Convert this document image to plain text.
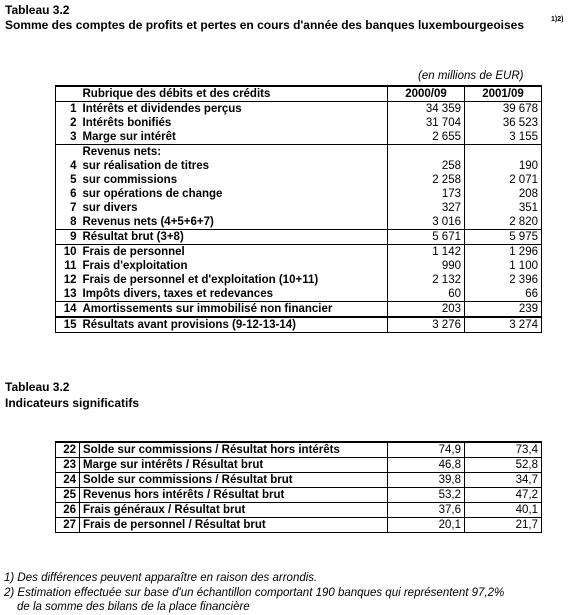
Tableau 3.2
Somme des comptes de profits et pertes en cours d'année des banques luxembourgeoises	1)2)
(en millions de EUR)
	Rubrique des débits et des crédits	2000/09	2001/09
1	Intérêts et dividendes perçus	34 359	39 678
2	Intérêts bonifiés	31 704	36 523
3	Marge sur intérêt	2 655	3 155
	Revenus nets:		
4	sur réalisation de titres	258	190
5	sur commissions	2 258	2 071
6	sur opérations de change	173	208
7	sur divers	327	351
8	Revenus nets (4+5+6+7)	3 016	2 820
9	Résultat brut (3+8)	5 671	5 975
10	Frais de personnel	1 142	1 296
11	Frais d'exploitation	990	1 100
12	Frais de personnel et d'exploitation (10+11)	2 132	2 396
13	Impôts divers, taxes et redevances	60	66
14	Amortissements sur immobilisé non financier	203	239
15	Résultats avant provisions (9-12-13-14)	3 276	3 274
Tableau 3.2
Indicateurs significatifs
22	Solde sur commissions / Résultat hors intérêts	74,9	73,4
23	Marge sur intérêts / Résultat brut	46,8	52,8
24	Solde sur commissions / Résultat brut	39,8	34,7
25	Revenus hors intérêts / Résultat brut	53,2	47,2
26	Frais généraux / Résultat brut	37,6	40,1
27	Frais de personnel / Résultat brut	20,1	21,7
1) Des différences peuvent apparaître en raison des arrondis.
2) Estimation effectuée sur base d'un échantillon comportant 190 banques qui représentent 97,2%
de la somme des bilans de la place financière
